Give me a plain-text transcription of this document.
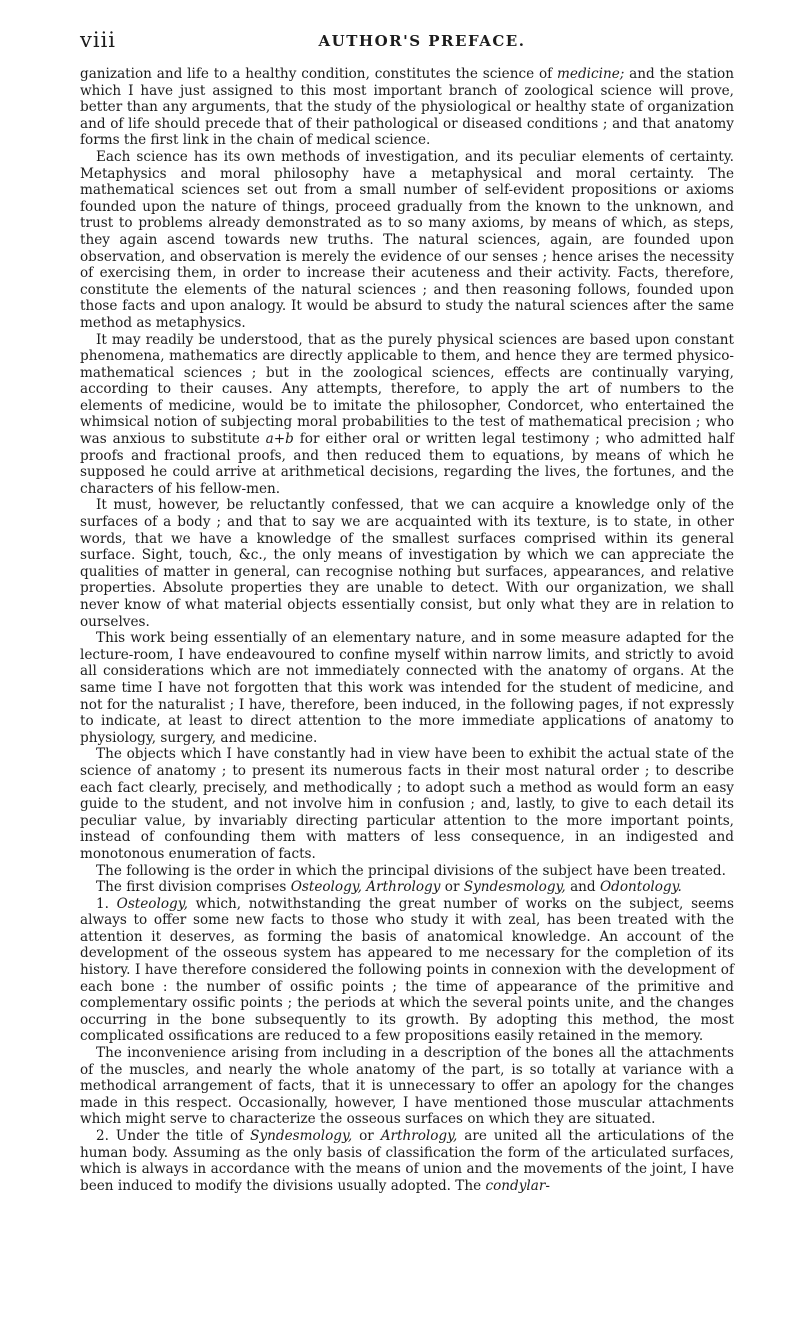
viii	AUTHOR'S PREFACE.

ganization and life to a healthy condition, constitutes the science of medicine; and the station which I have just assigned to this most important branch of zoological science will prove, better than any arguments, that the study of the physiological or healthy state of organization and of life should precede that of their pathological or diseased conditions ; and that anatomy forms the first link in the chain of medical science.

Each science has its own methods of investigation, and its peculiar elements of certainty. Metaphysics and moral philosophy have a metaphysical and moral certainty. The mathematical sciences set out from a small number of self-evident propositions or axioms founded upon the nature of things, proceed gradually from the known to the unknown, and trust to problems already demonstrated as to so many axioms, by means of which, as steps, they again ascend towards new truths. The natural sciences, again, are founded upon observation, and observation is merely the evidence of our senses ; hence arises the necessity of exercising them, in order to increase their acuteness and their activity. Facts, therefore, constitute the elements of the natural sciences ; and then reasoning follows, founded upon those facts and upon analogy. It would be absurd to study the natural sciences after the same method as metaphysics.

It may readily be understood, that as the purely physical sciences are based upon constant phenomena, mathematics are directly applicable to them, and hence they are termed physico-mathematical sciences ; but in the zoological sciences, effects are continually varying, according to their causes. Any attempts, therefore, to apply the art of numbers to the elements of medicine, would be to imitate the philosopher, Condorcet, who entertained the whimsical notion of subjecting moral probabilities to the test of mathematical precision ; who was anxious to substitute a+b for either oral or written legal testimony ; who admitted half proofs and fractional proofs, and then reduced them to equations, by means of which he supposed he could arrive at arithmetical decisions, regarding the lives, the fortunes, and the characters of his fellow-men.

It must, however, be reluctantly confessed, that we can acquire a knowledge only of the surfaces of a body ; and that to say we are acquainted with its texture, is to state, in other words, that we have a knowledge of the smallest surfaces comprised within its general surface. Sight, touch, &c., the only means of investigation by which we can appreciate the qualities of matter in general, can recognise nothing but surfaces, appearances, and relative properties. Absolute properties they are unable to detect. With our organization, we shall never know of what material objects essentially consist, but only what they are in relation to ourselves.

This work being essentially of an elementary nature, and in some measure adapted for the lecture-room, I have endeavoured to confine myself within narrow limits, and strictly to avoid all considerations which are not immediately connected with the anatomy of organs. At the same time I have not forgotten that this work was intended for the student of medicine, and not for the naturalist ; I have, therefore, been induced, in the following pages, if not expressly to indicate, at least to direct attention to the more immediate applications of anatomy to physiology, surgery, and medicine.

The objects which I have constantly had in view have been to exhibit the actual state of the science of anatomy ; to present its numerous facts in their most natural order ; to describe each fact clearly, precisely, and methodically ; to adopt such a method as would form an easy guide to the student, and not involve him in confusion ; and, lastly, to give to each detail its peculiar value, by invariably directing particular attention to the more important points, instead of confounding them with matters of less consequence, in an indigested and monotonous enumeration of facts.

The following is the order in which the principal divisions of the subject have been treated.

The first division comprises Osteology, Arthrology or Syndesmology, and Odontology.

1. Osteology, which, notwithstanding the great number of works on the subject, seems always to offer some new facts to those who study it with zeal, has been treated with the attention it deserves, as forming the basis of anatomical knowledge. An account of the development of the osseous system has appeared to me necessary for the completion of its history. I have therefore considered the following points in connexion with the development of each bone : the number of ossific points ; the time of appearance of the primitive and complementary ossific points ; the periods at which the several points unite, and the changes occurring in the bone subsequently to its growth. By adopting this method, the most complicated ossifications are reduced to a few propositions easily retained in the memory.

The inconvenience arising from including in a description of the bones all the attachments of the muscles, and nearly the whole anatomy of the part, is so totally at variance with a methodical arrangement of facts, that it is unnecessary to offer an apology for the changes made in this respect. Occasionally, however, I have mentioned those muscular attachments which might serve to characterize the osseous surfaces on which they are situated.

2. Under the title of Syndesmology, or Arthrology, are united all the articulations of the human body. Assuming as the only basis of classification the form of the articulated surfaces, which is always in accordance with the means of union and the movements of the joint, I have been induced to modify the divisions usually adopted. The condylar-
